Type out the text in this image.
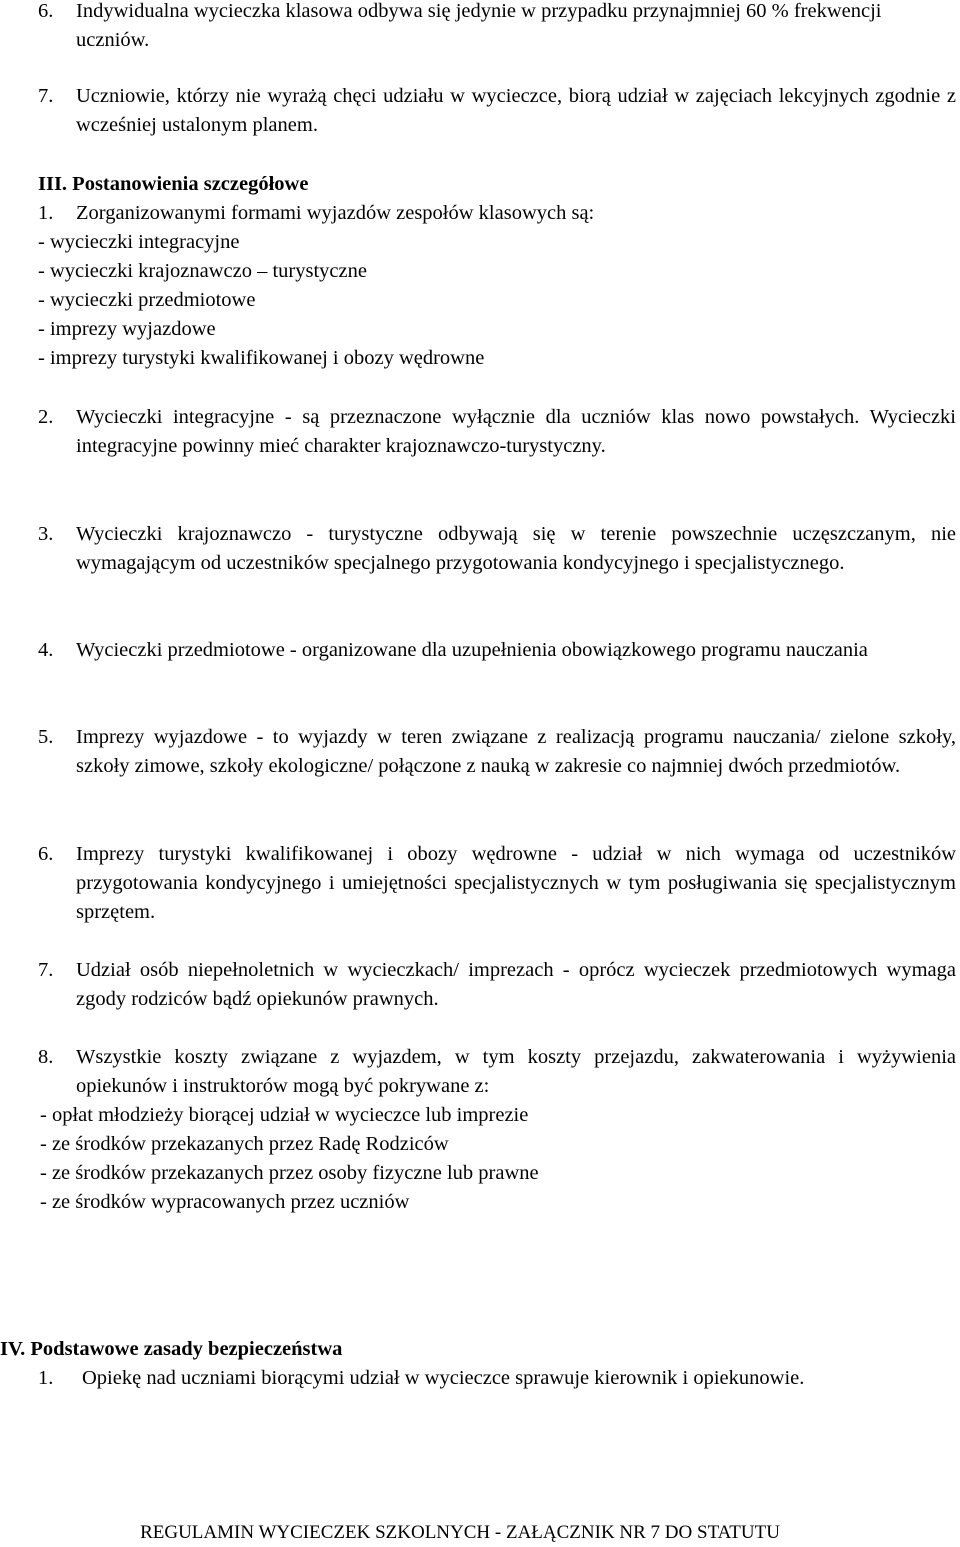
6. Indywidualna wycieczka klasowa odbywa się jedynie w przypadku przynajmniej 60 % frekwencji uczniów.

7. Uczniowie, którzy nie wyrażą chęci udziału w wycieczce, biorą udział w zajęciach lekcyjnych zgodnie z wcześniej ustalonym planem.

III. Postanowienia szczegółowe

1. Zorganizowanymi formami wyjazdów zespołów klasowych są:

- wycieczki integracyjne

- wycieczki krajoznawczo – turystyczne

- wycieczki przedmiotowe

- imprezy wyjazdowe

- imprezy turystyki kwalifikowanej i obozy wędrowne

2. Wycieczki integracyjne - są przeznaczone wyłącznie dla uczniów klas nowo powstałych. Wycieczki integracyjne powinny mieć charakter krajoznawczo-turystyczny.

3. Wycieczki krajoznawczo - turystyczne odbywają się w terenie powszechnie uczęszczanym, nie wymagającym od uczestników specjalnego przygotowania kondycyjnego i specjalistycznego.

4. Wycieczki przedmiotowe - organizowane dla uzupełnienia obowiązkowego programu nauczania

5. Imprezy wyjazdowe - to wyjazdy w teren związane z realizacją programu nauczania/ zielone szkoły, szkoły zimowe, szkoły ekologiczne/ połączone z nauką w zakresie co najmniej dwóch przedmiotów.

6. Imprezy turystyki kwalifikowanej i obozy wędrowne - udział w nich wymaga od uczestników przygotowania kondycyjnego i umiejętności specjalistycznych w tym posługiwania się specjalistycznym sprzętem.

7. Udział osób niepełnoletnich w wycieczkach/ imprezach - oprócz wycieczek przedmiotowych wymaga zgody rodziców bądź opiekunów prawnych.

8. Wszystkie koszty związane z wyjazdem, w tym koszty przejazdu, zakwaterowania i wyżywienia opiekunów i instruktorów mogą być pokrywane z:

- opłat młodzieży biorącej udział w wycieczce lub imprezie

- ze środków przekazanych przez Radę Rodziców

- ze środków przekazanych przez osoby fizyczne lub prawne

- ze środków wypracowanych przez uczniów

IV. Podstawowe zasady bezpieczeństwa

1. Opiekę nad uczniami biorącymi udział w wycieczce sprawuje kierownik i opiekunowie.

REGULAMIN WYCIECZEK SZKOLNYCH - ZAŁĄCZNIK NR 7 DO STATUTU
